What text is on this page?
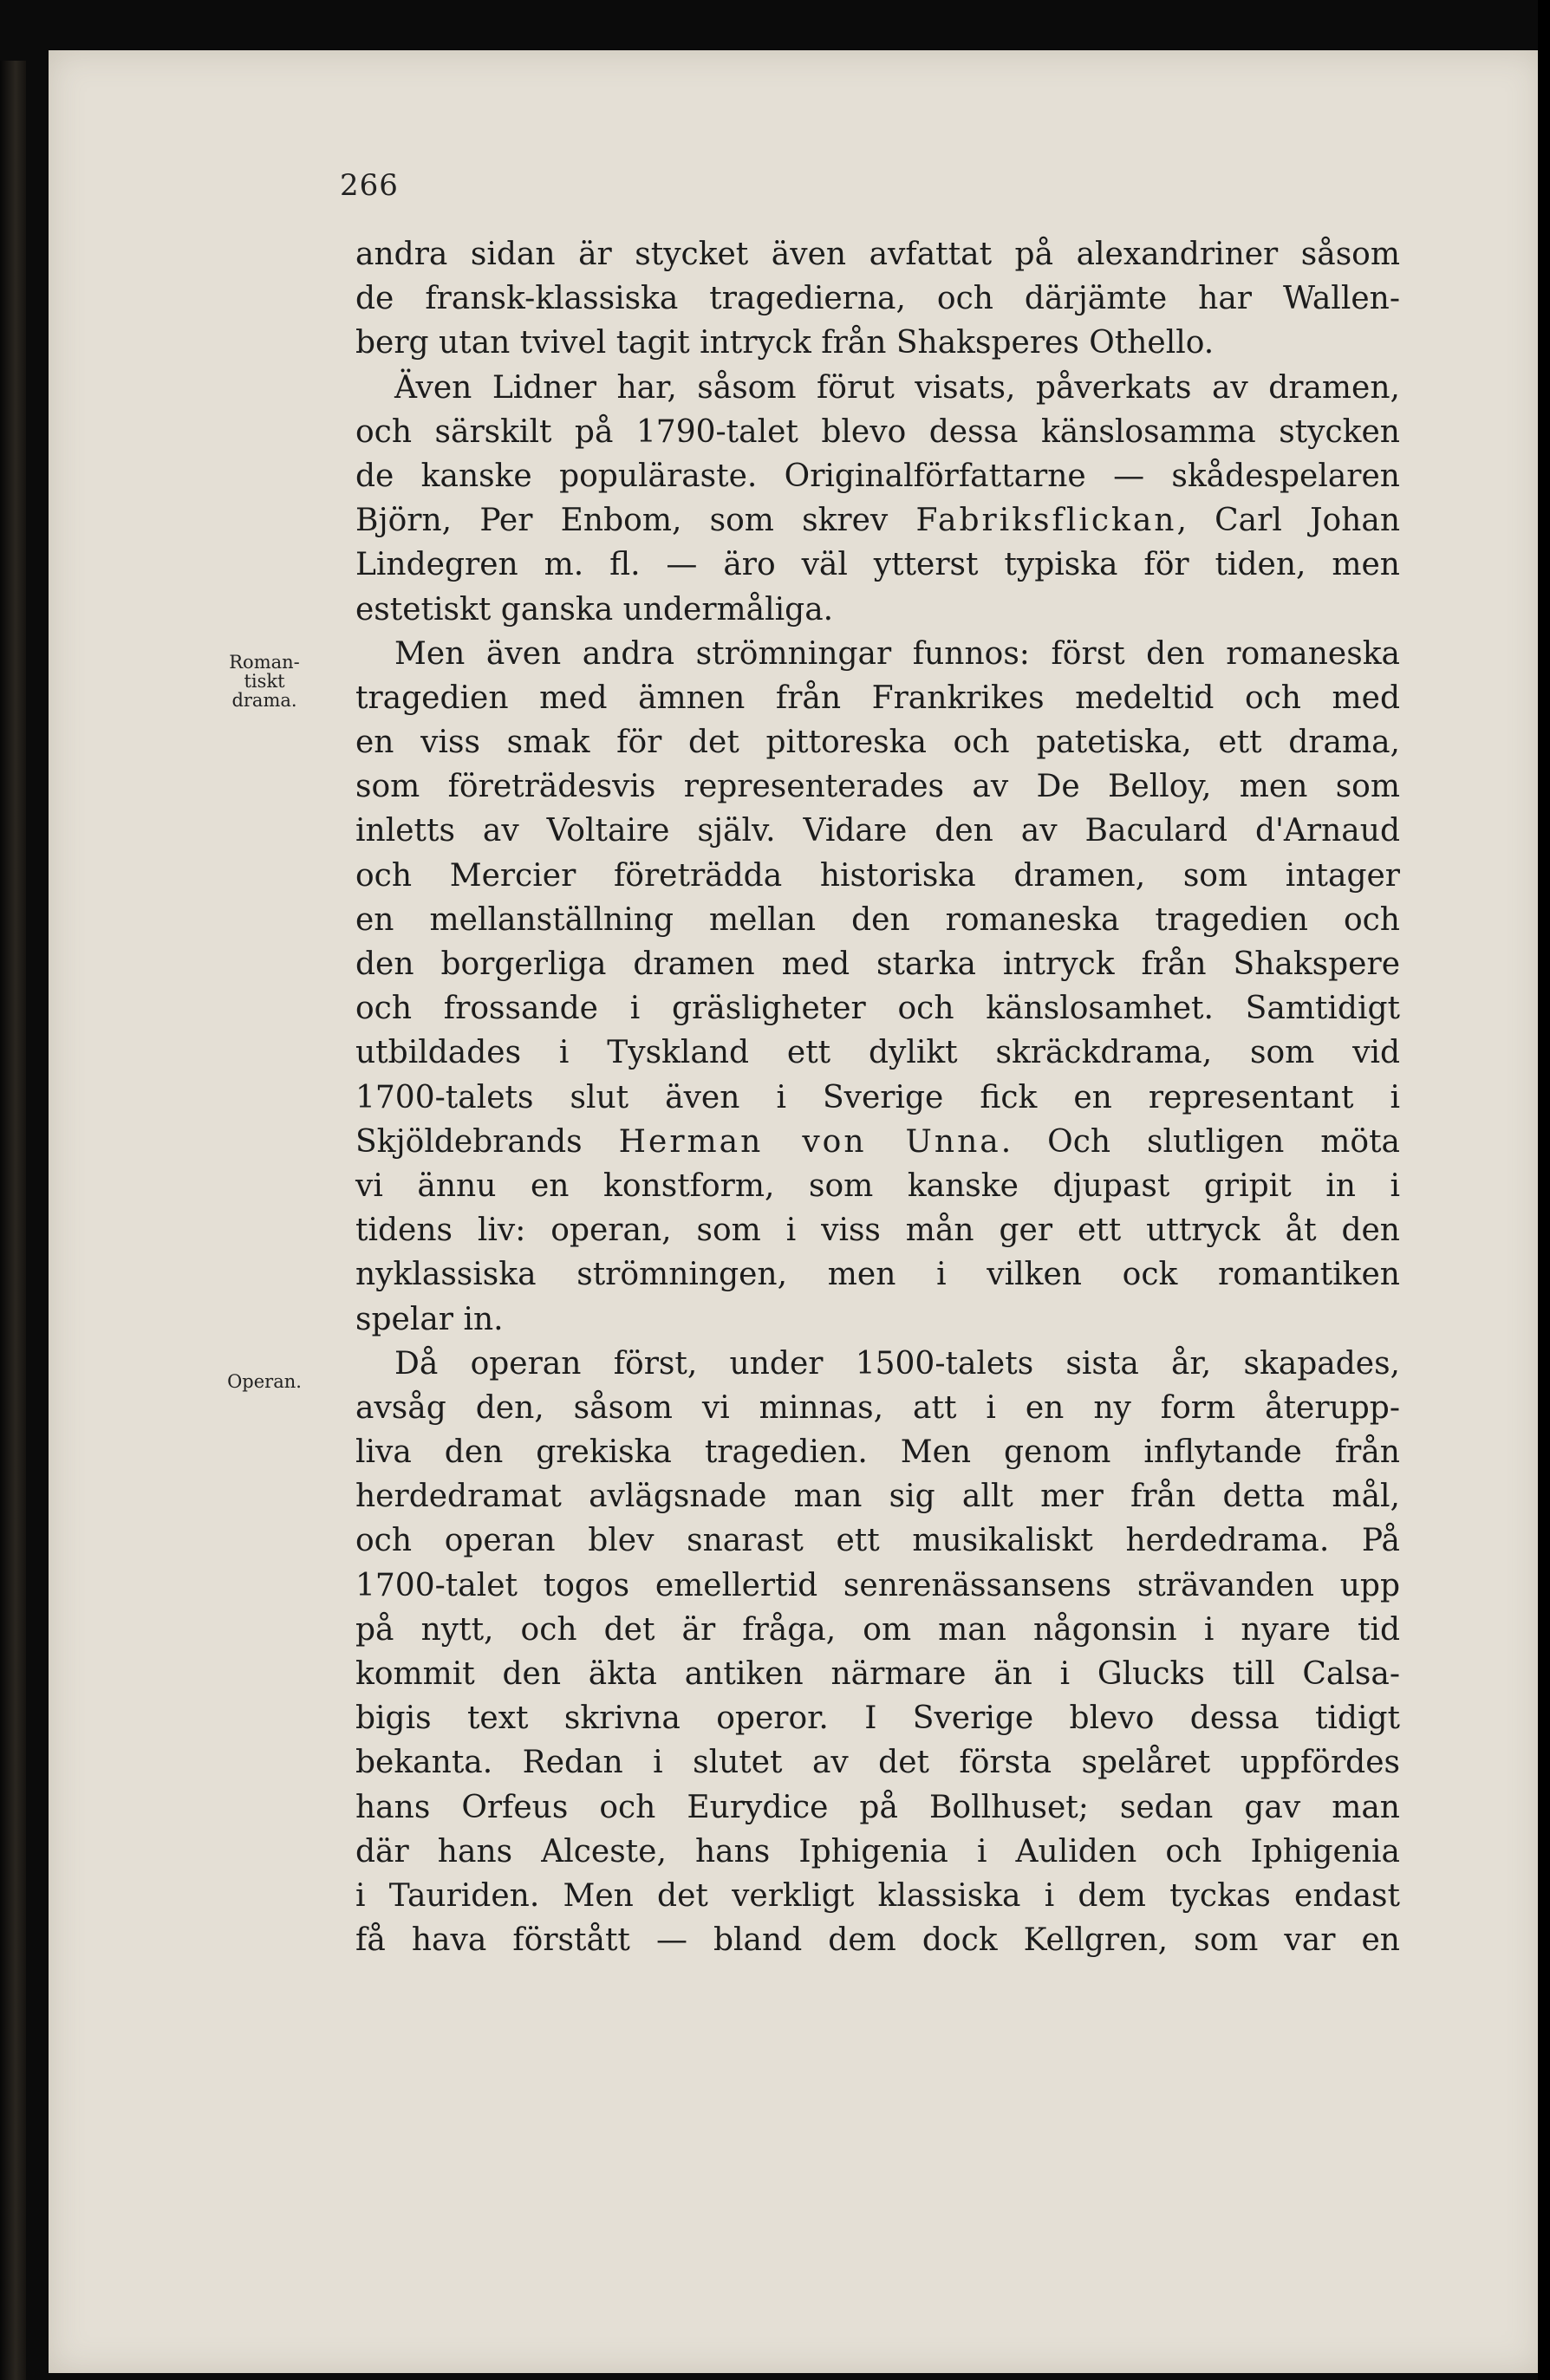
266
Roman-
tiskt
drama.
Operan.
andra sidan är stycket även avfattat på alexandriner såsom
de fransk-klassiska tragedierna, och därjämte har Wallen-
berg utan tvivel tagit intryck från Shaksperes Othello.
Även Lidner har, såsom förut visats, påverkats av dramen,
och särskilt på 1790-talet blevo dessa känslosamma stycken
de kanske populäraste. Originalförfattarne — skådespelaren
Björn, Per Enbom, som skrev Fabriksflickan, Carl Johan
Lindegren m. fl. — äro väl ytterst typiska för tiden, men
estetiskt ganska undermåliga.
Men även andra strömningar funnos: först den romaneska
tragedien med ämnen från Frankrikes medeltid och med
en viss smak för det pittoreska och patetiska, ett drama,
som företrädesvis representerades av De Belloy, men som
inletts av Voltaire själv. Vidare den av Baculard d'Arnaud
och Mercier företrädda historiska dramen, som intager
en mellanställning mellan den romaneska tragedien och
den borgerliga dramen med starka intryck från Shakspere
och frossande i gräsligheter och känslosamhet. Samtidigt
utbildades i Tyskland ett dylikt skräckdrama, som vid
1700-talets slut även i Sverige fick en representant i
Skjöldebrands Herman von Unna. Och slutligen möta
vi ännu en konstform, som kanske djupast gripit in i
tidens liv: operan, som i viss mån ger ett uttryck åt den
nyklassiska strömningen, men i vilken ock romantiken
spelar in.
Då operan först, under 1500-talets sista år, skapades,
avsåg den, såsom vi minnas, att i en ny form återupp-
liva den grekiska tragedien. Men genom inflytande från
herdedramat avlägsnade man sig allt mer från detta mål,
och operan blev snarast ett musikaliskt herdedrama. På
1700-talet togos emellertid senrenässansens strävanden upp
på nytt, och det är fråga, om man någonsin i nyare tid
kommit den äkta antiken närmare än i Glucks till Calsa-
bigis text skrivna operor. I Sverige blevo dessa tidigt
bekanta. Redan i slutet av det första spelåret uppfördes
hans Orfeus och Eurydice på Bollhuset; sedan gav man
där hans Alceste, hans Iphigenia i Auliden och Iphigenia
i Tauriden. Men det verkligt klassiska i dem tyckas endast
få hava förstått — bland dem dock Kellgren, som var en
